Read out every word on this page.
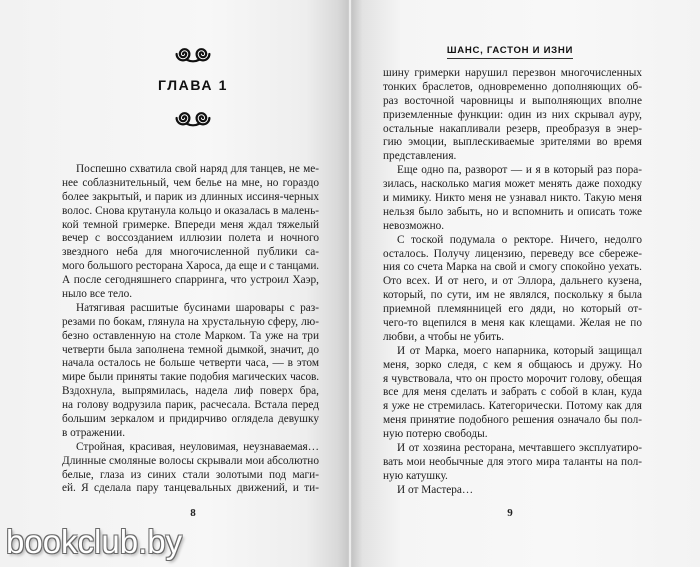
ГЛАВА 1
Поспешно схватила свой наряд для танцев, не ме-
нее соблазнительный, чем белье на мне, но гораздо
более закрытый, и парик из длинных иссиня-черных
волос. Снова крутанула кольцо и оказалась в малень-
кой темной гримерке. Впереди меня ждал тяжелый
вечер с воссозданием иллюзии полета и ночного
звездного неба для многочисленной публики са-
мого большого ресторана Хароса, да еще и с танцами.
А после сегодняшнего спарринга, что устроил Хаэр,
ныло все тело.
Натягивая расшитые бусинами шаровары с раз-
резами по бокам, глянула на хрустальную сферу, лю-
безно оставленную на столе Марком. Та уже на три
четверти была заполнена темной дымкой, значит, до
начала осталось не больше четверти часа, — в этом
мире были приняты такие подобия магических часов.
Вздохнула, выпрямилась, надела лиф поверх бра,
на голову водрузила парик, расчесала. Встала перед
большим зеркалом и придирчиво оглядела девушку
в отражении.
Стройная, красивая, неуловимая, неузнаваемая…
Длинные смоляные волосы скрывали мои абсолютно
белые, глаза из синих стали золотыми под маги-
ей. Я сделала пару танцевальных движений, и ти-
8
ШАНС, ГАСТОН И ИЗНИ
шину гримерки нарушил перезвон многочисленных
тонких браслетов, одновременно дополняющих об-
раз восточной чаровницы и выполняющих вполне
приземленные функции: один из них скрывал ауру,
остальные накапливали резерв, преобразуя в энер-
гию эмоции, выплескиваемые зрителями во время
представления.
Еще одно па, разворот — и я в который раз пора-
зилась, насколько магия может менять даже походку
и мимику. Никто меня не узнавал никто. Такую меня
нельзя было забыть, но и вспомнить и описать тоже
невозможно.
С тоской подумала о ректоре. Ничего, недолго
осталось. Получу лицензию, переведу все сбереже-
ния со счета Марка на свой и смогу спокойно уехать.
Ото всех. И от него, и от Эллора, дальнего кузена,
который, по сути, им не являлся, поскольку я была
приемной племянницей его дяди, но который от-
чего-то вцепился в меня как клещами. Желая не по
любви, а чтобы не убить.
И от Марка, моего напарника, который защищал
меня, зорко следя, с кем я общаюсь и дружу. Но
я чувствовала, что он просто морочит голову, обещая
все для меня сделать и забрать с собой в клан, куда
я уже не стремилась. Категорически. Потому как для
меня принятие подобного решения означало бы пол-
ную потерю свободы.
И от хозяина ресторана, мечтавшего эксплуатиро-
вать мои необычные для этого мира таланты на пол-
ную катушку.
И от Мастера…
9
bookclub.by
